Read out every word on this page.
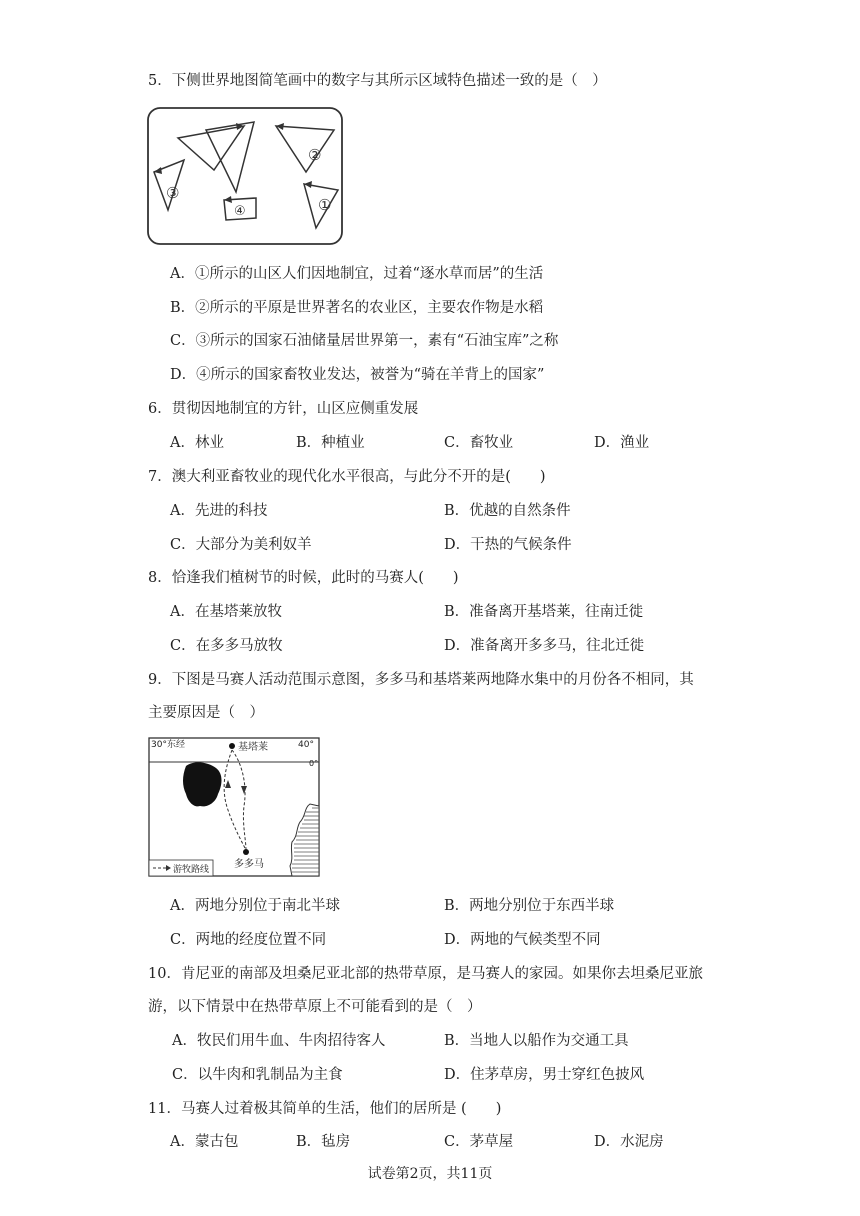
5．下侧世界地图简笔画中的数字与其所示区域特色描述一致的是（　）
②
③
①
④
A．①所示的山区人们因地制宜，过着“逐水草而居”的生活
B．②所示的平原是世界著名的农业区，主要农作物是水稻
C．③所示的国家石油储量居世界第一，素有“石油宝库”之称
D．④所示的国家畜牧业发达，被誉为“骑在羊背上的国家”
6．贯彻因地制宜的方针，山区应侧重发展
A．林业	B．种植业	C．畜牧业	D．渔业
7．澳大利亚畜牧业的现代化水平很高，与此分不开的是(　　)
A．先进的科技	B．优越的自然条件
C．大部分为美利奴羊	D．干热的气候条件
8．恰逢我们植树节的时候，此时的马赛人(　　)
A．在基塔莱放牧	B．准备离开基塔莱，往南迁徙
C．在多多马放牧	D．准备离开多多马，往北迁徙
9．下图是马赛人活动范围示意图，多多马和基塔莱两地降水集中的月份各不相同，其
主要原因是（　）
30°东经	40°
0°
基塔莱
多多马
游牧路线
A．两地分别位于南北半球	B．两地分别位于东西半球
C．两地的经度位置不同	D．两地的气候类型不同
10．肯尼亚的南部及坦桑尼亚北部的热带草原，是马赛人的家园。如果你去坦桑尼亚旅
游，以下情景中在热带草原上不可能看到的是（　）
A．牧民们用牛血、牛肉招待客人	B．当地人以船作为交通工具
C．以牛肉和乳制品为主食	D．住茅草房，男士穿红色披风
11．马赛人过着极其简单的生活，他们的居所是 (　　)
A．蒙古包	B．毡房	C．茅草屋	D．水泥房
试卷第2页，共11页
